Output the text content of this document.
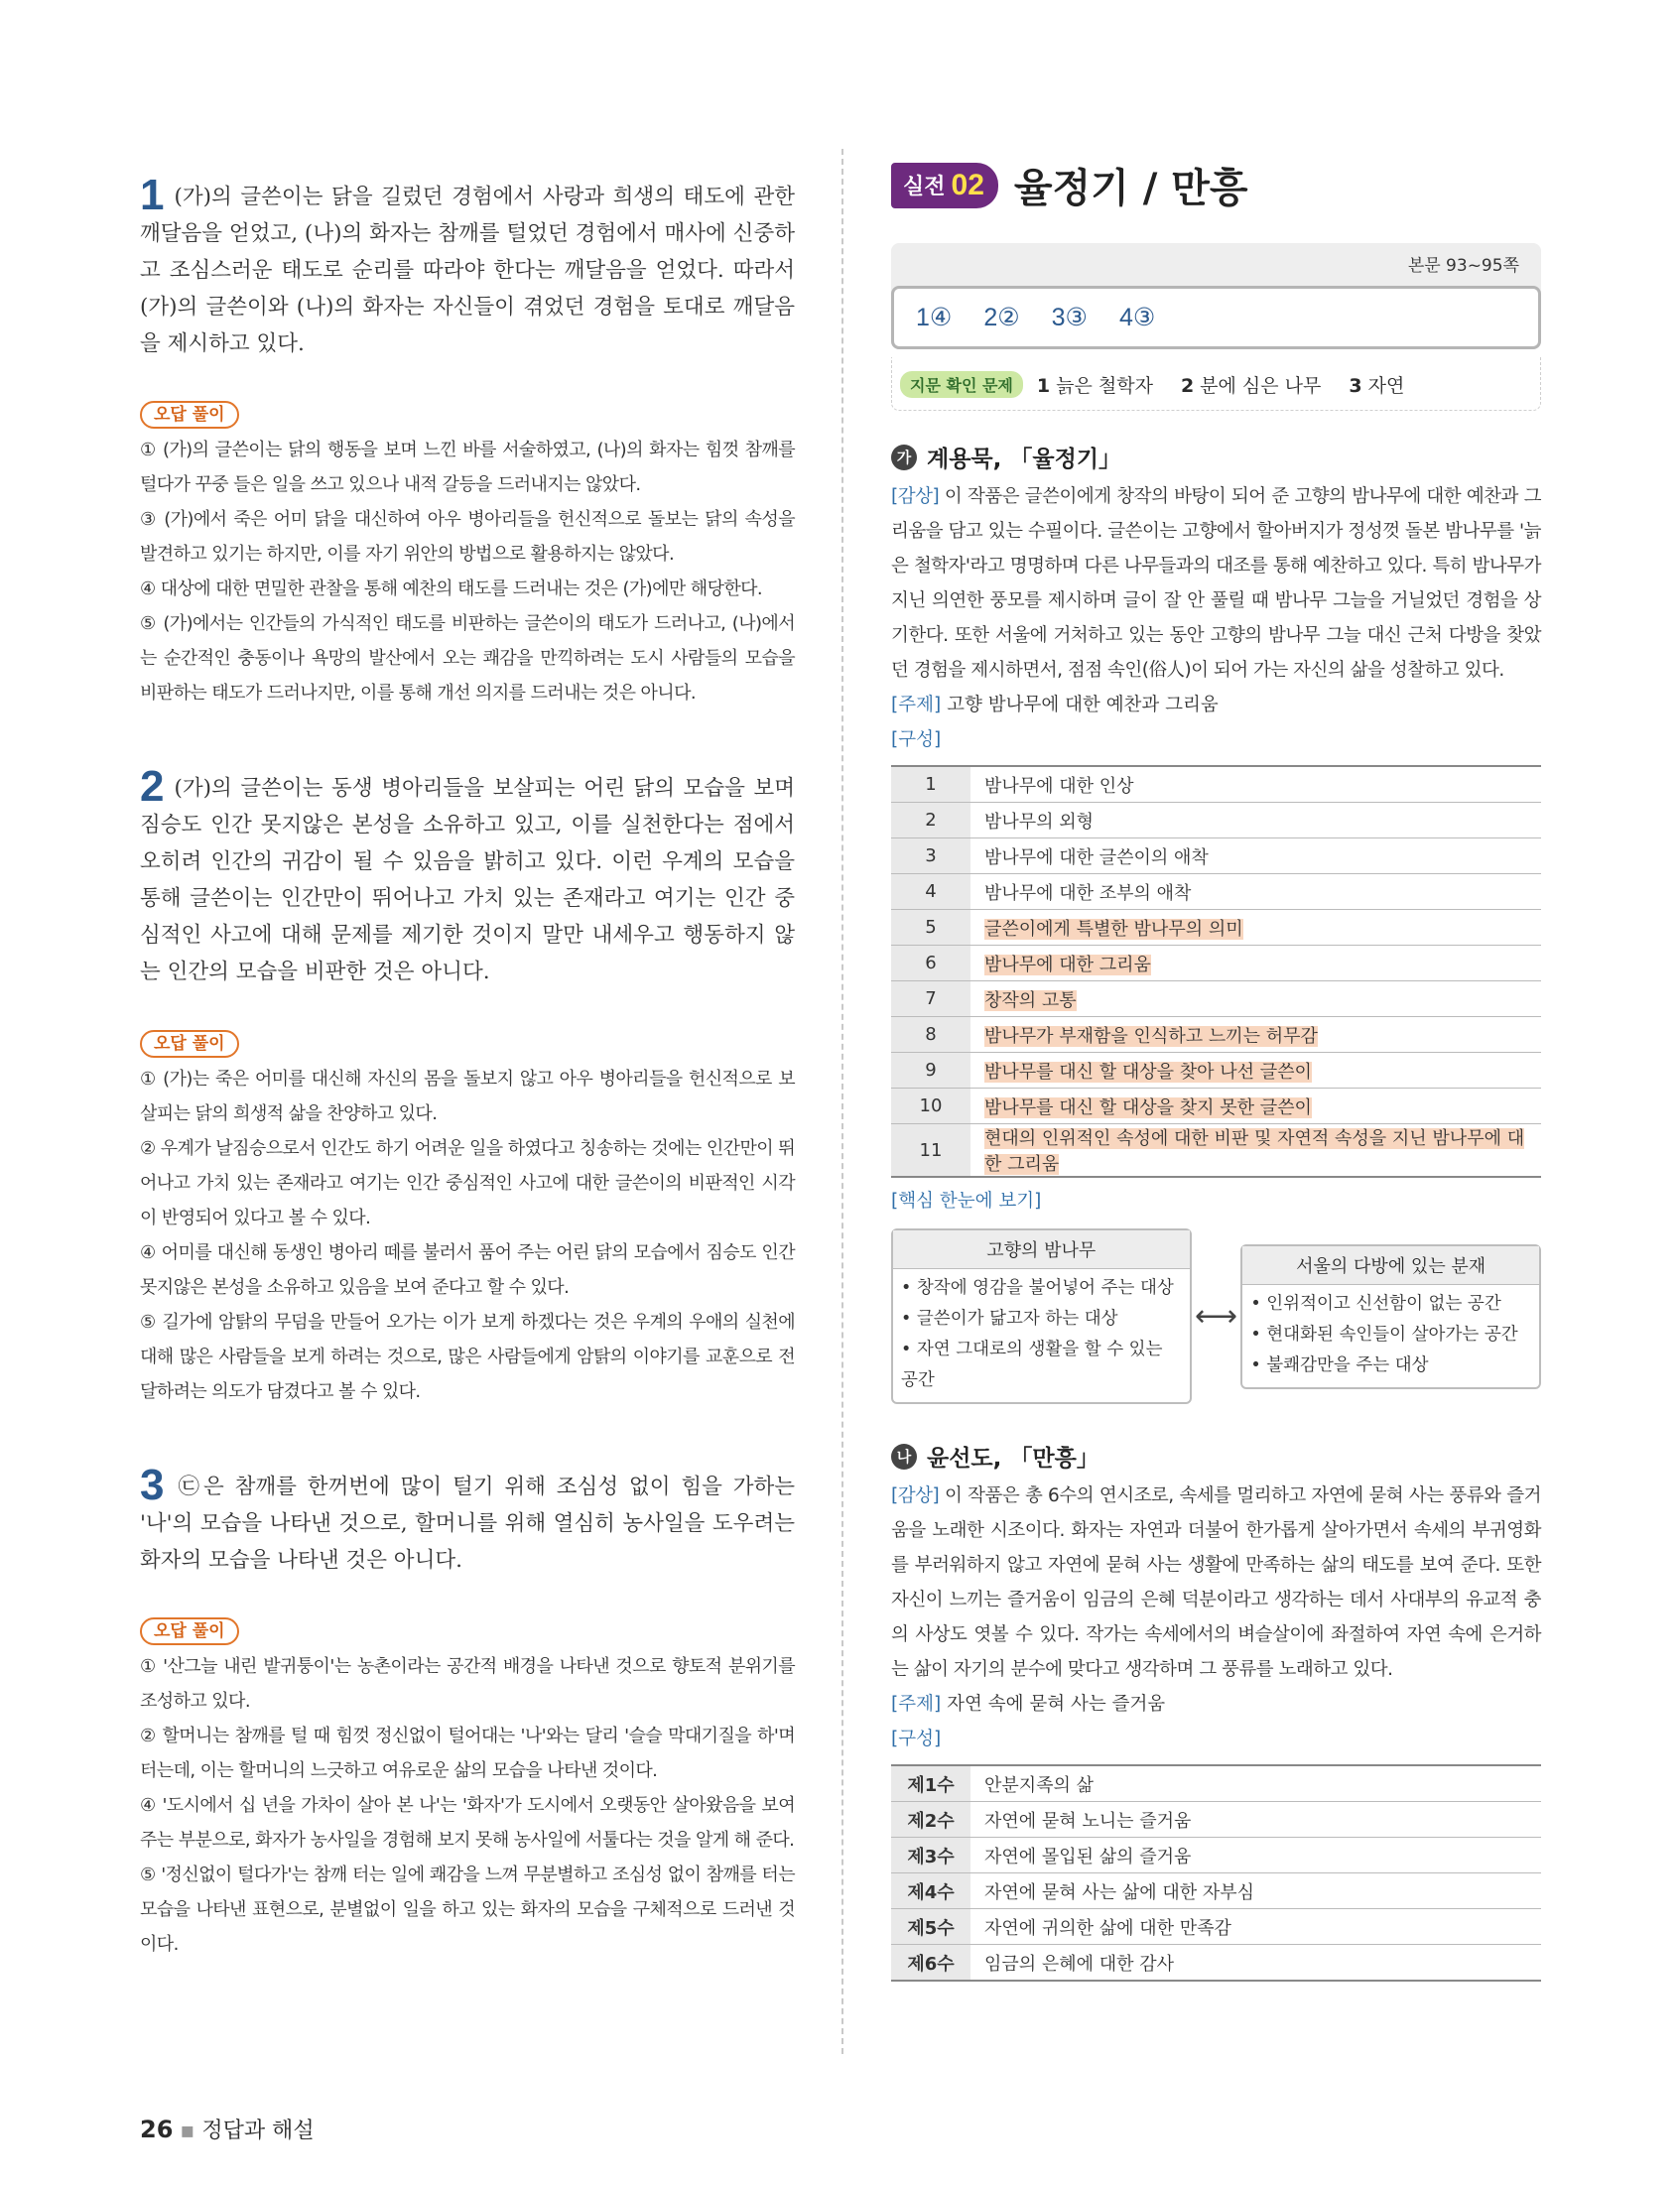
1 (가)의 글쓴이는 닭을 길렀던 경험에서 사랑과 희생의 태도에 관한 깨달음을 얻었고, (나)의 화자는 참깨를 털었던 경험에서 매사에 신중하고 조심스러운 태도로 순리를 따라야 한다는 깨달음을 얻었다. 따라서 (가)의 글쓴이와 (나)의 화자는 자신들이 겪었던 경험을 토대로 깨달음을 제시하고 있다.

오답 풀이

① (가)의 글쓴이는 닭의 행동을 보며 느낀 바를 서술하였고, (나)의 화자는 힘껏 참깨를 털다가 꾸중 들은 일을 쓰고 있으나 내적 갈등을 드러내지는 않았다.

③ (가)에서 죽은 어미 닭을 대신하여 아우 병아리들을 헌신적으로 돌보는 닭의 속성을 발견하고 있기는 하지만, 이를 자기 위안의 방법으로 활용하지는 않았다.

④ 대상에 대한 면밀한 관찰을 통해 예찬의 태도를 드러내는 것은 (가)에만 해당한다.

⑤ (가)에서는 인간들의 가식적인 태도를 비판하는 글쓴이의 태도가 드러나고, (나)에서는 순간적인 충동이나 욕망의 발산에서 오는 쾌감을 만끽하려는 도시 사람들의 모습을 비판하는 태도가 드러나지만, 이를 통해 개선 의지를 드러내는 것은 아니다.

2 (가)의 글쓴이는 동생 병아리들을 보살피는 어린 닭의 모습을 보며 짐승도 인간 못지않은 본성을 소유하고 있고, 이를 실천한다는 점에서 오히려 인간의 귀감이 될 수 있음을 밝히고 있다. 이런 우계의 모습을 통해 글쓴이는 인간만이 뛰어나고 가치 있는 존재라고 여기는 인간 중심적인 사고에 대해 문제를 제기한 것이지 말만 내세우고 행동하지 않는 인간의 모습을 비판한 것은 아니다.

오답 풀이

① (가)는 죽은 어미를 대신해 자신의 몸을 돌보지 않고 아우 병아리들을 헌신적으로 보살피는 닭의 희생적 삶을 찬양하고 있다.

② 우계가 날짐승으로서 인간도 하기 어려운 일을 하였다고 칭송하는 것에는 인간만이 뛰어나고 가치 있는 존재라고 여기는 인간 중심적인 사고에 대한 글쓴이의 비판적인 시각이 반영되어 있다고 볼 수 있다.

④ 어미를 대신해 동생인 병아리 떼를 불러서 품어 주는 어린 닭의 모습에서 짐승도 인간 못지않은 본성을 소유하고 있음을 보여 준다고 할 수 있다.

⑤ 길가에 암탉의 무덤을 만들어 오가는 이가 보게 하겠다는 것은 우계의 우애의 실천에 대해 많은 사람들을 보게 하려는 것으로, 많은 사람들에게 암탉의 이야기를 교훈으로 전달하려는 의도가 담겼다고 볼 수 있다.

3 ㉢은 참깨를 한꺼번에 많이 털기 위해 조심성 없이 힘을 가하는 '나'의 모습을 나타낸 것으로, 할머니를 위해 열심히 농사일을 도우려는 화자의 모습을 나타낸 것은 아니다.

오답 풀이

① '산그늘 내린 밭귀퉁이'는 농촌이라는 공간적 배경을 나타낸 것으로 향토적 분위기를 조성하고 있다.

② 할머니는 참깨를 털 때 힘껏 정신없이 털어대는 '나'와는 달리 '슬슬 막대기질을 하'며 터는데, 이는 할머니의 느긋하고 여유로운 삶의 모습을 나타낸 것이다.

④ '도시에서 십 년을 가차이 살아 본 나'는 '화자'가 도시에서 오랫동안 살아왔음을 보여 주는 부분으로, 화자가 농사일을 경험해 보지 못해 농사일에 서툴다는 것을 알게 해 준다.

⑤ '정신없이 털다가'는 참깨 터는 일에 쾌감을 느껴 무분별하고 조심성 없이 참깨를 터는 모습을 나타낸 표현으로, 분별없이 일을 하고 있는 화자의 모습을 구체적으로 드러낸 것이다.

실전 02 율정기 / 만흥
본문 93~95쪽
1④ 2② 3③ 4③
지문 확인 문제	1 늙은 철학자 2 분에 심은 나무 3 자연
가 계용묵, 「율정기」

[감상] 이 작품은 글쓴이에게 창작의 바탕이 되어 준 고향의 밤나무에 대한 예찬과 그리움을 담고 있는 수필이다. 글쓴이는 고향에서 할아버지가 정성껏 돌본 밤나무를 '늙은 철학자'라고 명명하며 다른 나무들과의 대조를 통해 예찬하고 있다. 특히 밤나무가 지닌 의연한 풍모를 제시하며 글이 잘 안 풀릴 때 밤나무 그늘을 거닐었던 경험을 상기한다. 또한 서울에 거처하고 있는 동안 고향의 밤나무 그늘 대신 근처 다방을 찾았던 경험을 제시하면서, 점점 속인(俗人)이 되어 가는 자신의 삶을 성찰하고 있다.

[주제] 고향 밤나무에 대한 예찬과 그리움
[구성]
1	밤나무에 대한 인상
2	밤나무의 외형
3	밤나무에 대한 글쓴이의 애착
4	밤나무에 대한 조부의 애착
5	글쓴이에게 특별한 밤나무의 의미
6	밤나무에 대한 그리움
7	창작의 고통
8	밤나무가 부재함을 인식하고 느끼는 허무감
9	밤나무를 대신 할 대상을 찾아 나선 글쓴이
10	밤나무를 대신 할 대상을 찾지 못한 글쓴이
11	현대의 인위적인 속성에 대한 비판 및 자연적 속성을 지닌 밤나무에 대한 그리움
[핵심 한눈에 보기]
고향의 밤나무
• 창작에 영감을 불어넣어 주는 대상
• 글쓴이가 닮고자 하는 대상
• 자연 그대로의 생활을 할 수 있는 공간
⟷
서울의 다방에 있는 분재
• 인위적이고 신선함이 없는 공간
• 현대화된 속인들이 살아가는 공간
• 불쾌감만을 주는 대상
나 윤선도, 「만흥」

[감상] 이 작품은 총 6수의 연시조로, 속세를 멀리하고 자연에 묻혀 사는 풍류와 즐거움을 노래한 시조이다. 화자는 자연과 더불어 한가롭게 살아가면서 속세의 부귀영화를 부러워하지 않고 자연에 묻혀 사는 생활에 만족하는 삶의 태도를 보여 준다. 또한 자신이 느끼는 즐거움이 임금의 은혜 덕분이라고 생각하는 데서 사대부의 유교적 충의 사상도 엿볼 수 있다. 작가는 속세에서의 벼슬살이에 좌절하여 자연 속에 은거하는 삶이 자기의 분수에 맞다고 생각하며 그 풍류를 노래하고 있다.

[주제] 자연 속에 묻혀 사는 즐거움
[구성]
제1수	안분지족의 삶
제2수	자연에 묻혀 노니는 즐거움
제3수	자연에 몰입된 삶의 즐거움
제4수	자연에 묻혀 사는 삶에 대한 자부심
제5수	자연에 귀의한 삶에 대한 만족감
제6수	임금의 은혜에 대한 감사
26 ▪ 정답과 해설
